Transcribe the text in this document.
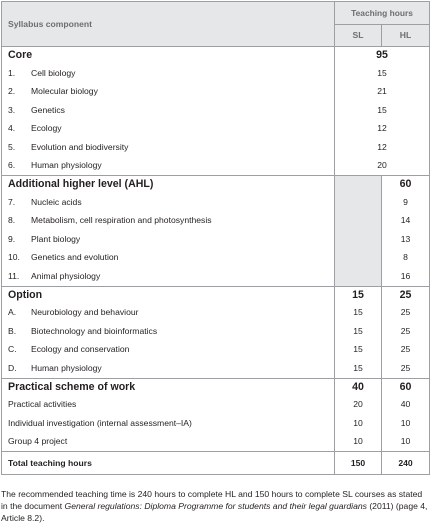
Syllabus component	Teaching hours	
	SL	HL
Core	95	
1. Cell biology	15	
2. Molecular biology	21	
3. Genetics	15	
4. Ecology	12	
5. Evolution and biodiversity	12	
6. Human physiology	20	
Additional higher level (AHL)		60
7. Nucleic acids		9
8. Metabolism, cell respiration and photosynthesis		14
9. Plant biology		13
10. Genetics and evolution		8
11. Animal physiology		16
Option	15	25
A. Neurobiology and behaviour	15	25
B. Biotechnology and bioinformatics	15	25
C. Ecology and conservation	15	25
D. Human physiology	15	25
Practical scheme of work	40	60
Practical activities	20	40
Individual investigation (internal assessment–IA)	10	10
Group 4 project	10	10
Total teaching hours	150	240

The recommended teaching time is 240 hours to complete HL and 150 hours to complete SL courses as stated in the document General regulations: Diploma Programme for students and their legal guardians (2011) (page 4, Article 8.2).
